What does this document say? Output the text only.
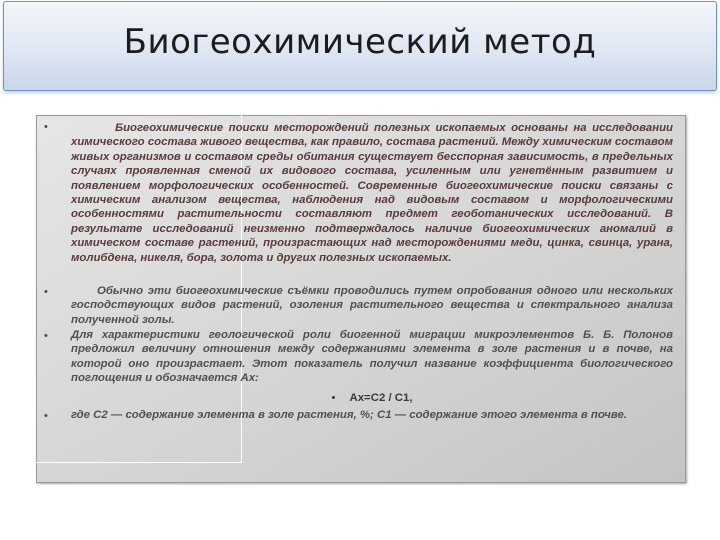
Биогеохимический метод
•	Биогеохимические поиски месторождений полезных ископаемых основаны на исследовании химического состава живого вещества, как правило, состава растений. Между химическим составом живых организмов и составом среды обитания существует бесспорная зависимость, в предельных случаях проявленная сменой их видового состава, усиленным или угнетённым развитием и появлением морфологических особенностей. Современные биогеохимические поиски связаны с химическим анализом вещества, наблюдения над видовым составом и морфологическими особенностями растительности составляют предмет геоботанических исследований. В результате исследований неизменно подтверждалось наличие биогеохимических аномалий в химическом составе растений, произрастающих над месторождениями меди, цинка, свинца, урана, молибдена, никеля, бора, золота и других полезных ископаемых.

•	Обычно эти биогеохимические съёмки проводились путем опробования одного или нескольких господствующих видов растений, озоления растительного вещества и спектрального анализа полученной золы.

• Для характеристики геологической роли биогенной миграции микроэлементов Б. Б. Полонов предложил величину отношения между содержаниями элемента в золе растения и в почве, на которой оно произрастает. Этот показатель получил название коэффициента биологического поглощения и обозначается Ах:

• Ах=С2 / С1,
• где С2 — содержание элемента в золе растения, %; С1 — содержание этого элемента в почве.
